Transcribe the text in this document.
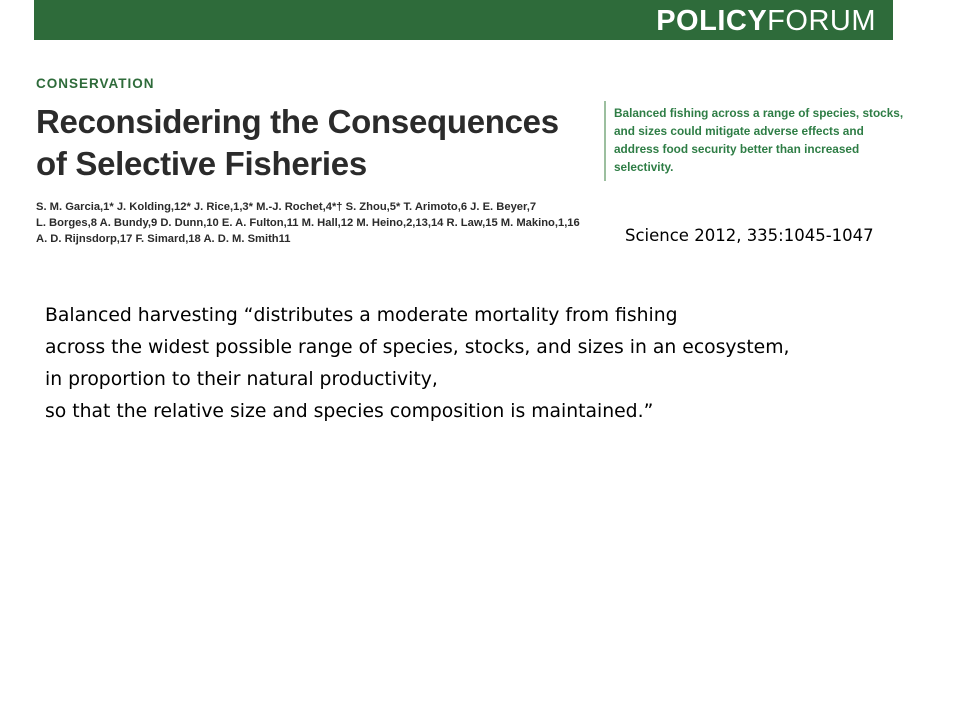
POLICYFORUM
CONSERVATION
Reconsidering the Consequences
of Selective Fisheries
S. M. Garcia,1* J. Kolding,12* J. Rice,1,3* M.-J. Rochet,4*† S. Zhou,5* T. Arimoto,6 J. E. Beyer,7
L. Borges,8 A. Bundy,9 D. Dunn,10 E. A. Fulton,11 M. Hall,12 M. Heino,2,13,14 R. Law,15 M. Makino,1,16
A. D. Rijnsdorp,17 F. Simard,18 A. D. M. Smith11
Balanced fishing across a range of species, stocks, and sizes could mitigate adverse effects and address food security better than increased selectivity.
Science 2012, 335:1045-1047
Balanced harvesting “distributes a moderate mortality from fishing
across the widest possible range of species, stocks, and sizes in an ecosystem,
in proportion to their natural productivity,
so that the relative size and species composition is maintained.”
